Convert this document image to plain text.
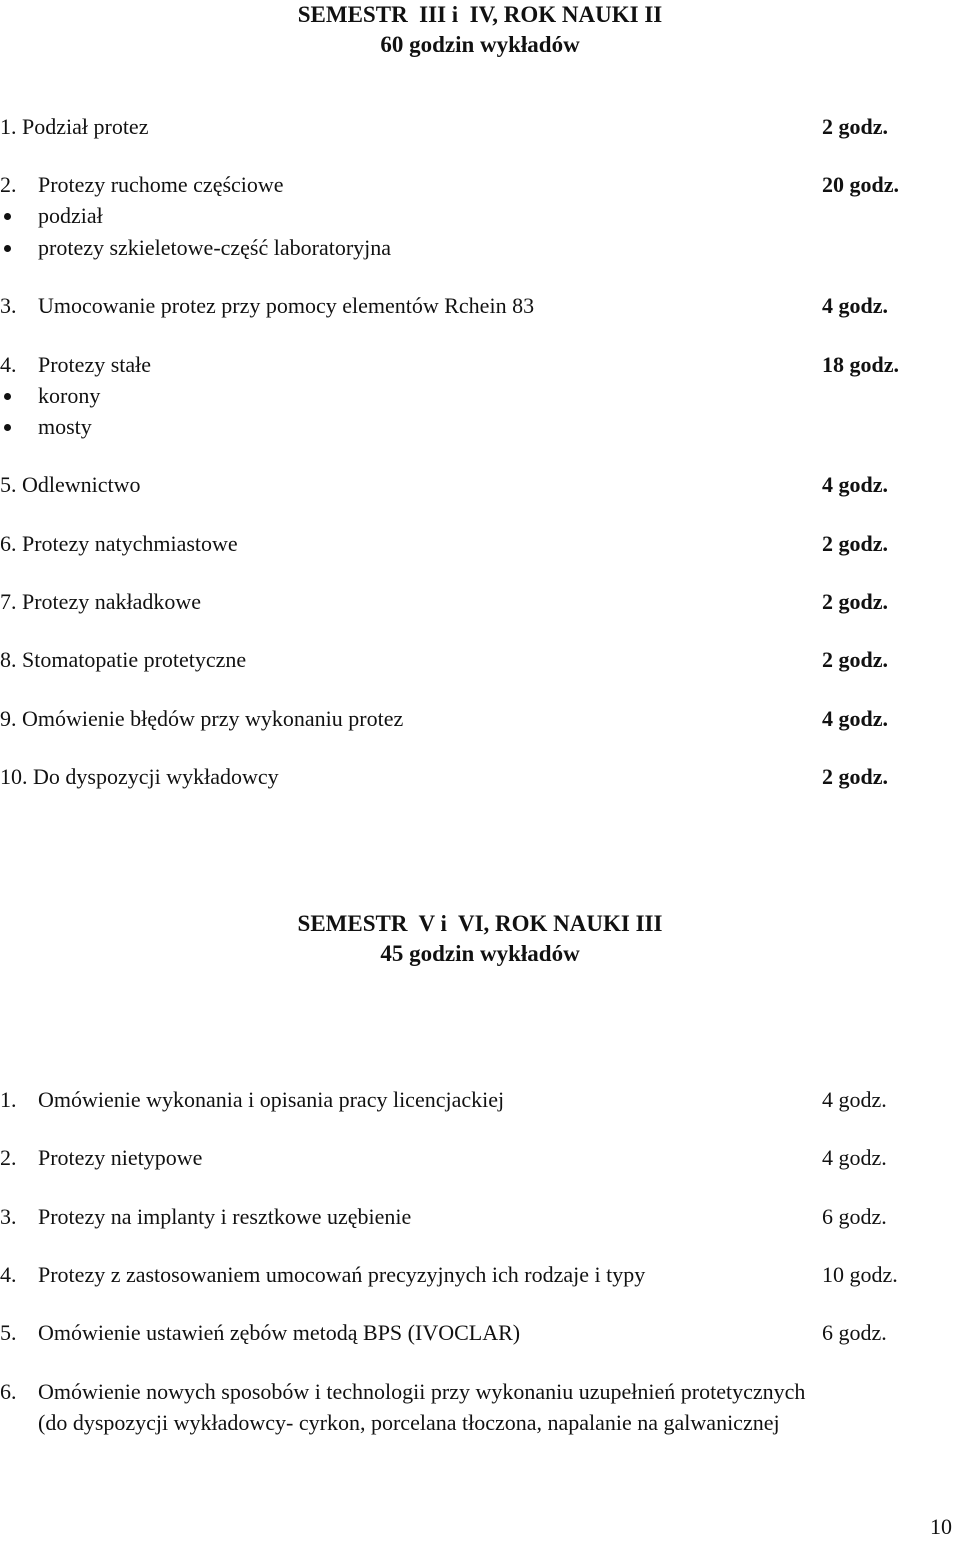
SEMESTR  III i  IV, ROK NAUKI II
60 godzin wykładów
1. Podział protez	2 godz.
2. Protezy ruchome częściowe	20 godz.
podział
protezy szkieletowe-część laboratoryjna
3. Umocowanie protez przy pomocy elementów Rchein 83	4 godz.
4. Protezy stałe	18 godz.
korony
mosty
5. Odlewnictwo	4 godz.
6. Protezy natychmiastowe	2 godz.
7. Protezy nakładkowe	2 godz.
8. Stomatopatie protetyczne	2 godz.
9. Omówienie błędów przy wykonaniu protez	4 godz.
10. Do dyspozycji wykładowcy	2 godz.
SEMESTR  V i  VI, ROK NAUKI III
45 godzin wykładów
1. Omówienie wykonania i opisania pracy licencjackiej	4 godz.
2. Protezy nietypowe	4 godz.
3. Protezy na implanty i resztkowe uzębienie	6 godz.
4. Protezy z zastosowaniem umocowań precyzyjnych ich rodzaje i typy	10 godz.
5. Omówienie ustawień zębów metodą BPS (IVOCLAR)	6 godz.
6. Omówienie nowych sposobów i technologii przy wykonaniu uzupełnień protetycznych
(do dyspozycji wykładowcy- cyrkon, porcelana tłoczona, napalanie na galwanicznej
10
